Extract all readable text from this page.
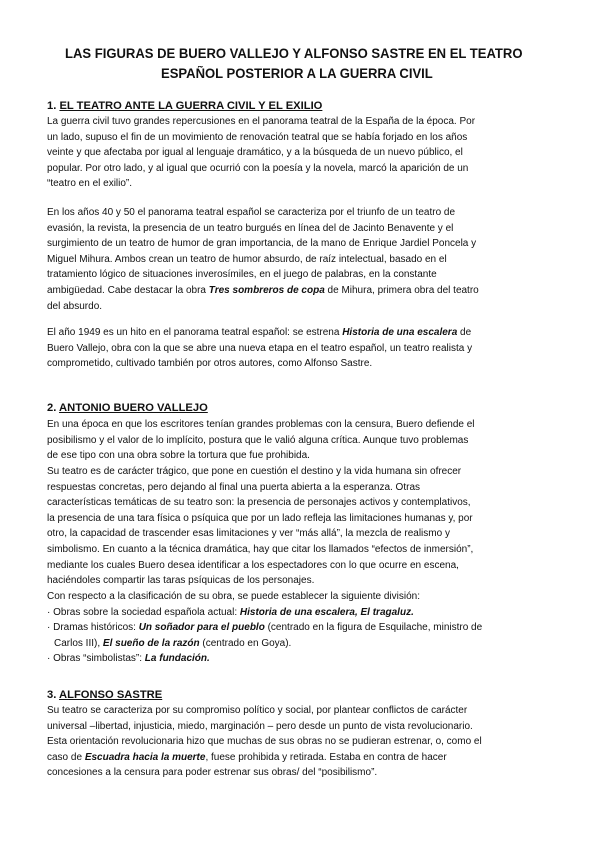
LAS FIGURAS DE BUERO VALLEJO Y ALFONSO SASTRE EN EL TEATRO ESPAÑOL POSTERIOR A LA GUERRA CIVIL
1. EL TEATRO ANTE LA GUERRA CIVIL Y EL EXILIO
La guerra civil tuvo grandes repercusiones en el panorama teatral de la España de la época. Por
un lado, supuso el fin de un movimiento de renovación teatral que se había forjado en los años
veinte y que afectaba por igual al lenguaje dramático, y a la búsqueda de un nuevo público, el
popular. Por otro lado, y al igual que ocurrió con la poesía y la novela, marcó la aparición de un
“teatro en el exilio”.
En los años 40 y 50 el panorama teatral español se caracteriza por el triunfo de un teatro de
evasión, la revista, la presencia de un teatro burgués en línea del de Jacinto Benavente y el
surgimiento de un teatro de humor de gran importancia, de la mano de Enrique Jardiel Poncela y
Miguel Mihura. Ambos crean un teatro de humor absurdo, de raíz intelectual, basado en el
tratamiento lógico de situaciones inverosímiles, en el juego de palabras, en la constante
ambigüedad. Cabe destacar la obra Tres sombreros de copa de Mihura, primera obra del teatro
del absurdo.
El año 1949 es un hito en el panorama teatral español: se estrena Historia de una escalera de
Buero Vallejo, obra con la que se abre una nueva etapa en el teatro español, un teatro realista y
comprometido, cultivado también por otros autores, como Alfonso Sastre.
2. ANTONIO BUERO VALLEJO
En una época en que los escritores tenían grandes problemas con la censura, Buero defiende el
posibilismo y el valor de lo implícito, postura que le valió alguna crítica. Aunque tuvo problemas
de ese tipo con una obra sobre la tortura que fue prohibida.
Su teatro es de carácter trágico, que pone en cuestión el destino y la vida humana sin ofrecer
respuestas concretas, pero dejando al final una puerta abierta a la esperanza. Otras
características temáticas de su teatro son: la presencia de personajes activos y contemplativos,
la presencia de una tara física o psíquica que por un lado refleja las limitaciones humanas y, por
otro, la capacidad de trascender esas limitaciones y ver “más allá”, la mezcla de realismo y
simbolismo. En cuanto a la técnica dramática, hay que citar los llamados “efectos de inmersión”,
mediante los cuales Buero desea identificar a los espectadores con lo que ocurre en escena,
haciéndoles compartir las taras psíquicas de los personajes.
Con respecto a la clasificación de su obra, se puede establecer la siguiente división:
· Obras sobre la sociedad española actual: Historia de una escalera, El tragaluz.
· Dramas históricos: Un soñador para el pueblo (centrado en la figura de Esquilache, ministro de
Carlos III), El sueño de la razón (centrado en Goya).
· Obras “simbolistas”: La fundación.
3. ALFONSO SASTRE
Su teatro se caracteriza por su compromiso político y social, por plantear conflictos de carácter
universal –libertad, injusticia, miedo, marginación – pero desde un punto de vista revolucionario.
Esta orientación revolucionaria hizo que muchas de sus obras no se pudieran estrenar, o, como el
caso de Escuadra hacia la muerte, fuese prohibida y retirada. Estaba en contra de hacer
concesiones a la censura para poder estrenar sus obras/ del “posibilismo”.
